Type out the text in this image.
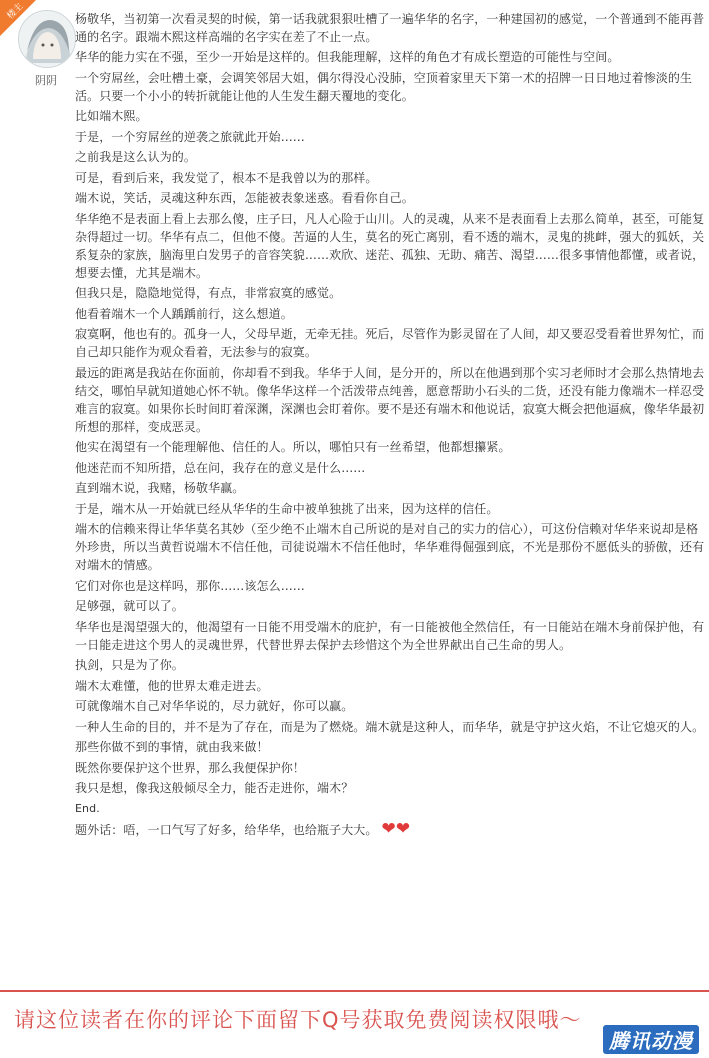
楼主
阴阴

杨敬华，当初第一次看灵契的时候，第一话我就狠狠吐槽了一遍华华的名字，一种建国初的感觉，一个普通到不能再普通的名字。跟端木熙这样高端的名字实在差了不止一点。

华华的能力实在不强，至少一开始是这样的。但我能理解，这样的角色才有成长塑造的可能性与空间。

一个穷屌丝，会吐槽土豪，会调笑邻居大姐，偶尔得没心没肺，空顶着家里天下第一术的招牌一日日地过着惨淡的生活。只要一个小小的转折就能让他的人生发生翻天覆地的变化。

比如端木熙。

于是，一个穷屌丝的逆袭之旅就此开始……

之前我是这么认为的。

可是，看到后来，我发觉了，根本不是我曾以为的那样。

端木说，笑话，灵魂这种东西，怎能被表象迷惑。看看你自己。

华华绝不是表面上看上去那么傻，庄子曰，凡人心险于山川。人的灵魂，从来不是表面看上去那么简单，甚至，可能复杂得超过一切。华华有点二，但他不傻。苦逼的人生，莫名的死亡离别，看不透的端木，灵鬼的挑衅，强大的狐妖，关系复杂的家族，脑海里白发男子的音容笑貌……欢欣、迷茫、孤独、无助、痛苦、渴望……很多事情他都懂，或者说，想要去懂，尤其是端木。

但我只是，隐隐地觉得，有点，非常寂寞的感觉。

他看着端木一个人踽踽前行，这么想道。

寂寞啊，他也有的。孤身一人，父母早逝，无牵无挂。死后，尽管作为影灵留在了人间，却又要忍受看着世界匆忙，而自己却只能作为观众看着，无法参与的寂寞。

最远的距离是我站在你面前，你却看不到我。华华于人间，是分开的，所以在他遇到那个实习老师时才会那么热情地去结交，哪怕早就知道她心怀不轨。像华华这样一个活泼带点纯善，愿意帮助小石头的二货，还没有能力像端木一样忍受难言的寂寞。如果你长时间盯着深渊，深渊也会盯着你。要不是还有端木和他说话，寂寞大概会把他逼疯，像华华最初所想的那样，变成恶灵。

他实在渴望有一个能理解他、信任的人。所以，哪怕只有一丝希望，他都想攥紧。

他迷茫而不知所措，总在问，我存在的意义是什么……

直到端木说，我赌，杨敬华赢。

于是，端木从一开始就已经从华华的生命中被单独挑了出来，因为这样的信任。

端木的信赖来得让华华莫名其妙（至少绝不止端木自己所说的是对自己的实力的信心），可这份信赖对华华来说却是格外珍贵，所以当黄哲说端木不信任他，司徒说端木不信任他时，华华难得倔强到底，不光是那份不愿低头的骄傲，还有对端木的情感。

它们对你也是这样吗，那你……该怎么……

足够强，就可以了。

华华也是渴望强大的，他渴望有一日能不用受端木的庇护，有一日能被他全然信任，有一日能站在端木身前保护他，有一日能走进这个男人的灵魂世界，代替世界去保护去珍惜这个为全世界献出自己生命的男人。

执剑，只是为了你。

端木太难懂，他的世界太难走进去。

可就像端木自己对华华说的，尽力就好，你可以赢。

一种人生命的目的，并不是为了存在，而是为了燃烧。端木就是这种人，而华华，就是守护这火焰，不让它熄灭的人。

那些你做不到的事情，就由我来做！

既然你要保护这个世界，那么我便保护你！

我只是想，像我这般倾尽全力，能否走进你，端木？

End.

题外话：唔，一口气写了好多，给华华，也给瓶子大大。 ❤❤

请这位读者在你的评论下面留下Q号获取免费阅读权限哦～
腾讯动漫
